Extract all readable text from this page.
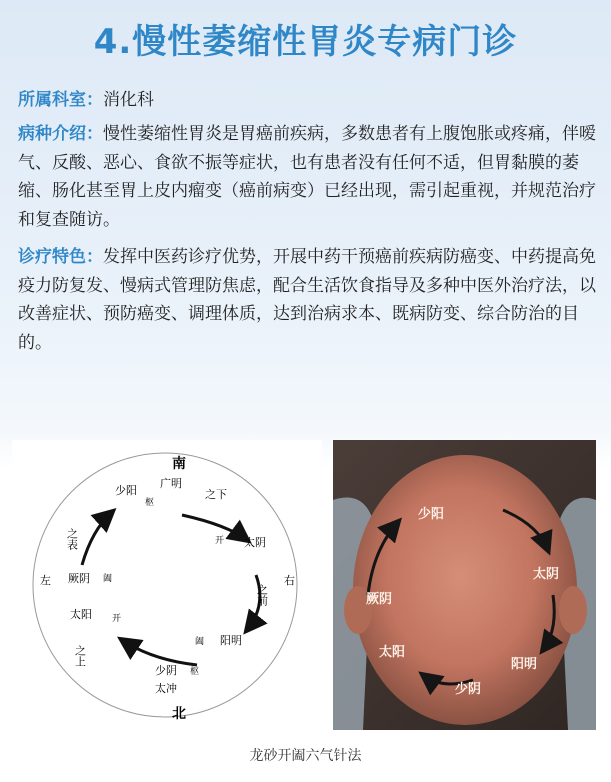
4.慢性萎缩性胃炎专病门诊
所属科室：消化科
病种介绍：慢性萎缩性胃炎是胃癌前疾病，多数患者有上腹饱胀或疼痛，伴嗳气、反酸、恶心、食欲不振等症状，也有患者没有任何不适，但胃黏膜的萎缩、肠化甚至胃上皮内瘤变（癌前病变）已经出现，需引起重视，并规范治疗和复查随访。
诊疗特色：发挥中医药诊疗优势，开展中药干预癌前疾病防癌变、中药提高免疫力防复发、慢病式管理防焦虑，配合生活饮食指导及多种中医外治疗法，以改善症状、预防癌变、调理体质，达到治病求本、既病防变、综合防治的目的。
南
北
左	右
少阳
广明
枢
之下
开 太阴
之前
阖 阳明
少阴 枢
太冲
之上
太阳 开
厥阴 阖
之表
少阳
太阴
阳明
少阴
太阳
厥阴
龙砂开阖六气针法
